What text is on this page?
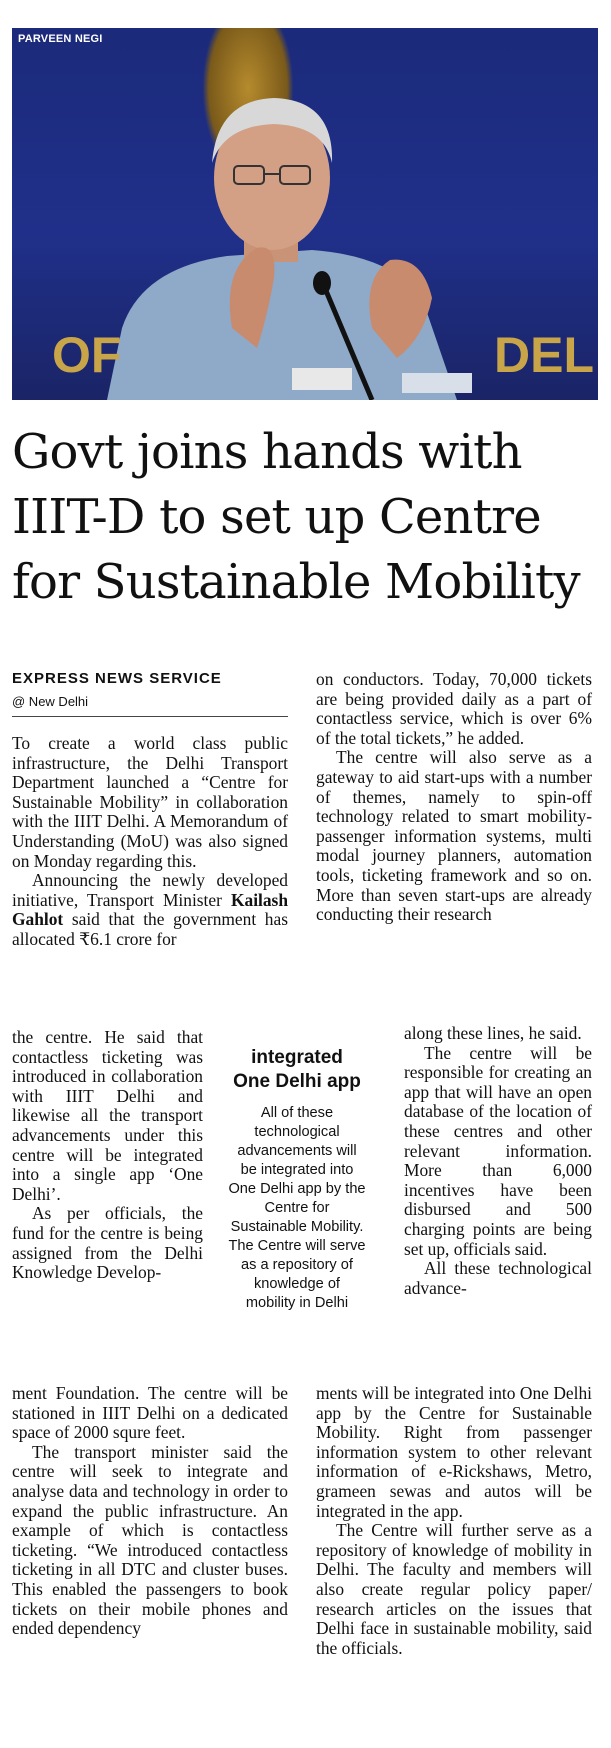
OF	DEL
PARVEEN NEGI
Govt joins hands with IIIT-D to set up Centre for Sustainable Mobility
EXPRESS NEWS SERVICE
@ New Delhi

To create a world class public infrastructure, the Delhi Transport Department launched a “Centre for Sustainable Mobility” in collaboration with the IIIT Delhi. A Memorandum of Understanding (MoU) was also signed on Monday regarding this.

Announcing the newly developed initiative, Transport Minister Kailash Gahlot said that the government has allocated ₹6.1 crore for

the centre. He said that contactless ticketing was introduced in collaboration with IIIT Delhi and likewise all the transport advancements under this centre will be integrated into a single app ‘One Delhi’.

As per officials, the fund for the centre is being assigned from the Delhi Knowledge Develop-

ment Foundation. The centre will be stationed in IIIT Delhi on a dedicated space of 2000 squre feet.

The transport minister said the centre will seek to integrate and analyse data and technology in order to expand the public infrastructure. An example of which is contactless ticketing. “We introduced contactless ticketing in all DTC and cluster buses. This enabled the passengers to book tickets on their mobile phones and ended dependency

on conductors. Today, 70,000 tickets are being provided daily as a part of contactless service, which is over 6% of the total tickets,” he added.

The centre will also serve as a gateway to aid start-ups with a number of themes, namely to spin-off technology related to smart mobility- passenger information systems, multi modal journey planners, automation tools, ticketing framework and so on. More than seven start-ups are already conducting their research

along these lines, he said.

The centre will be responsible for creating an app that will have an open database of the location of these centres and other relevant information. More than 6,000 incentives have been disbursed and 500 charging points are being set up, officials said.

All these technological advance-

ments will be integrated into One Delhi app by the Centre for Sustainable Mobility. Right from passenger information system to other relevant information of e-Rickshaws, Metro, grameen sewas and autos will be integrated in the app.

The Centre will further serve as a repository of knowledge of mobility in Delhi. The faculty and members will also create regular policy paper/ research articles on the issues that Delhi face in sustainable mobility, said the officials.

integrated
One Delhi app
All of these technological advancements will be integrated into One Delhi app by the Centre for Sustainable Mobility. The Centre will serve as a repository of knowledge of mobility in Delhi
